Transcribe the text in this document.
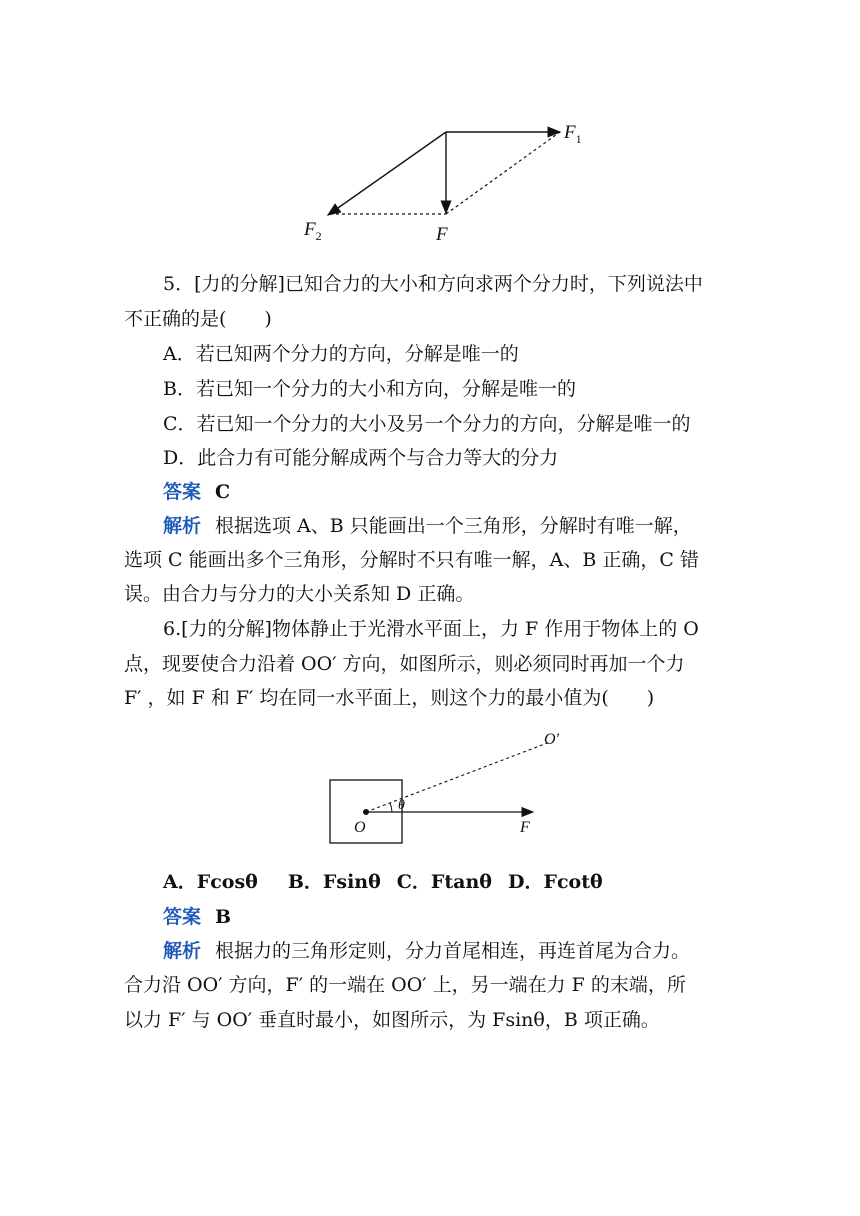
$F_1$
$F_2$	F
5．[力的分解]已知合力的大小和方向求两个分力时，下列说法中
不正确的是(　　)
A．若已知两个分力的方向，分解是唯一的
B．若已知一个分力的大小和方向，分解是唯一的
C．若已知一个分力的大小及另一个分力的方向，分解是唯一的
D．此合力有可能分解成两个与合力等大的分力
答案 C
解析 根据选项 A、B 只能画出一个三角形，分解时有唯一解，
选项 C 能画出多个三角形，分解时不只有唯一解，A、B 正确，C 错
误。由合力与分力的大小关系知 D 正确。
6.[力的分解]物体静止于光滑水平面上，力 F 作用于物体上的 O
点，现要使合力沿着 OO′ 方向，如图所示，则必须同时再加一个力
F′ ，如 F 和 F′ 均在同一水平面上，则这个力的最小值为(　　)
O
O′
θ
F
A．Fcosθ B．Fsinθ C．Ftanθ D．Fcotθ
答案 B
解析 根据力的三角形定则，分力首尾相连，再连首尾为合力。
合力沿 OO′ 方向，F′ 的一端在 OO′ 上，另一端在力 F 的末端，所
以力 F′ 与 OO′ 垂直时最小，如图所示，为 Fsinθ，B 项正确。
